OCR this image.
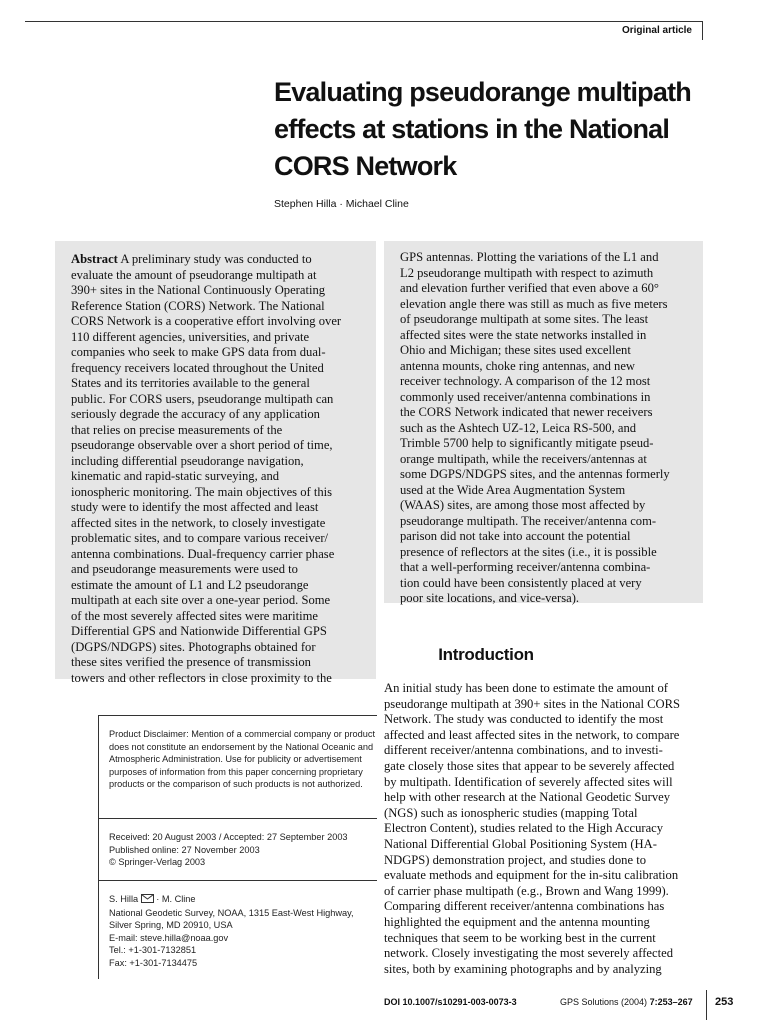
Original article
Evaluating pseudorange multipath effects at stations in the National CORS Network
Stephen Hilla · Michael Cline
Abstract A preliminary study was conducted to
evaluate the amount of pseudorange multipath at
390+ sites in the National Continuously Operating
Reference Station (CORS) Network. The National
CORS Network is a cooperative effort involving over
110 different agencies, universities, and private
companies who seek to make GPS data from dual-
frequency receivers located throughout the United
States and its territories available to the general
public. For CORS users, pseudorange multipath can
seriously degrade the accuracy of any application
that relies on precise measurements of the
pseudorange observable over a short period of time,
including differential pseudorange navigation,
kinematic and rapid-static surveying, and
ionospheric monitoring. The main objectives of this
study were to identify the most affected and least
affected sites in the network, to closely investigate
problematic sites, and to compare various receiver/
antenna combinations. Dual-frequency carrier phase
and pseudorange measurements were used to
estimate the amount of L1 and L2 pseudorange
multipath at each site over a one-year period. Some
of the most severely affected sites were maritime
Differential GPS and Nationwide Differential GPS
(DGPS/NDGPS) sites. Photographs obtained for
these sites verified the presence of transmission
towers and other reflectors in close proximity to the
GPS antennas. Plotting the variations of the L1 and
L2 pseudorange multipath with respect to azimuth
and elevation further verified that even above a 60°
elevation angle there was still as much as five meters
of pseudorange multipath at some sites. The least
affected sites were the state networks installed in
Ohio and Michigan; these sites used excellent
antenna mounts, choke ring antennas, and new
receiver technology. A comparison of the 12 most
commonly used receiver/antenna combinations in
the CORS Network indicated that newer receivers
such as the Ashtech UZ-12, Leica RS-500, and
Trimble 5700 help to significantly mitigate pseud-
orange multipath, while the receivers/antennas at
some DGPS/NDGPS sites, and the antennas formerly
used at the Wide Area Augmentation System
(WAAS) sites, are among those most affected by
pseudorange multipath. The receiver/antenna com-
parison did not take into account the potential
presence of reflectors at the sites (i.e., it is possible
that a well-performing receiver/antenna combina-
tion could have been consistently placed at very
poor site locations, and vice-versa).
Introduction
An initial study has been done to estimate the amount of
pseudorange multipath at 390+ sites in the National CORS
Network. The study was conducted to identify the most
affected and least affected sites in the network, to compare
different receiver/antenna combinations, and to investi-
gate closely those sites that appear to be severely affected
by multipath. Identification of severely affected sites will
help with other research at the National Geodetic Survey
(NGS) such as ionospheric studies (mapping Total
Electron Content), studies related to the High Accuracy
National Differential Global Positioning System (HA-
NDGPS) demonstration project, and studies done to
evaluate methods and equipment for the in-situ calibration
of carrier phase multipath (e.g., Brown and Wang 1999).
Comparing different receiver/antenna combinations has
highlighted the equipment and the antenna mounting
techniques that seem to be working best in the current
network. Closely investigating the most severely affected
sites, both by examining photographs and by analyzing
Product Disclaimer: Mention of a commercial company or product does not constitute an endorsement by the National Oceanic and Atmospheric Administration. Use for publicity or advertisement purposes of information from this paper concerning proprietary products or the comparison of such products is not authorized.
Received: 20 August 2003 / Accepted: 27 September 2003
Published online: 27 November 2003
© Springer-Verlag 2003
S. Hilla  · M. Cline
National Geodetic Survey, NOAA, 1315 East-West Highway,
Silver Spring, MD 20910, USA
E-mail: steve.hilla@noaa.gov
Tel.: +1-301-7132851
Fax: +1-301-7134475
DOI 10.1007/s10291-003-0073-3	GPS Solutions (2004) 7:253–267 253
